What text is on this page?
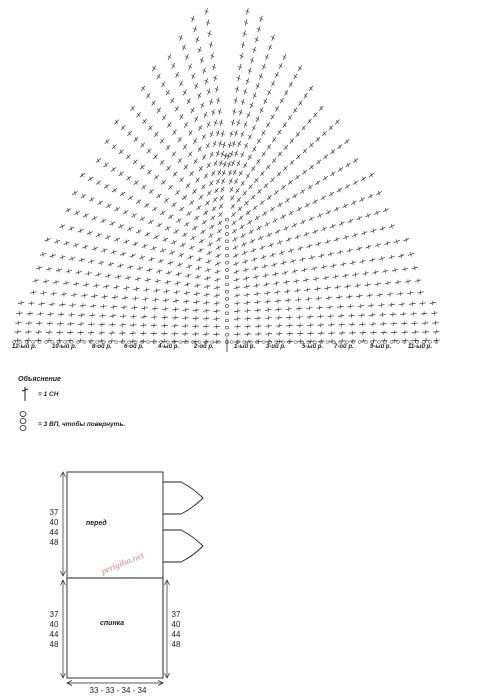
12-ый р.	10-ый р.	8-ой р. 6-ой р. 4-ый р. 2-ой р.	1-ый р. 3-ий р.	5-ый р. 7-ой р.	9-ый р.	11-ый р.
Объяснение
= 1 СН
= 3 ВП, чтобы повернуть.
37
40
44
48
37
40
44
48
37
40
44
48
перед
спинка
33 - 33 - 34 - 34
perigiha.net
